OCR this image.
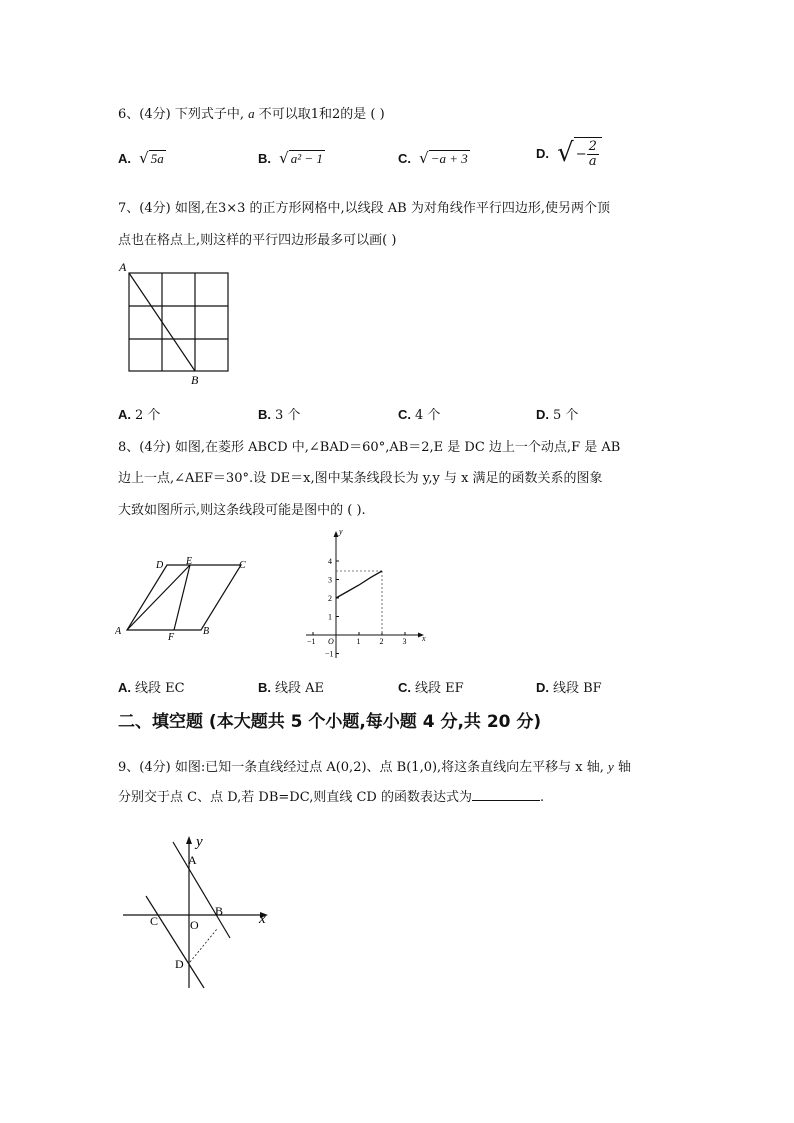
6、(4分) 下列式子中, a 不可以取1和2的是 ( )
A. √ 5a	B. √ a² − 1	C. √ −a + 3	D. √ − $\frac{2}{a}$
7、(4分) 如图,在3×3 的正方形网格中,以线段 AB 为对角线作平行四边形,使另两个顶
点也在格点上,则这样的平行四边形最多可以画( )
A
B
A. 2 个	B. 3 个	C. 4 个	D. 5 个
8、(4分) 如图,在菱形 ABCD 中,∠BAD＝60°,AB＝2,E 是 DC 边上一个动点,F 是 AB
边上一点,∠AEF＝30°.设 DE＝x,图中某条线段长为 y,y 与 x 满足的函数关系的图象
大致如图所示,则这条线段可能是图中的 ( ).
A	B
C
D E
F	x
y
O
−1	1 2 3
4
3
2
1
−1
A. 线段 EC	B. 线段 AE	C. 线段 EF	D. 线段 BF
二、填空题 (本大题共 5 个小题,每小题 4 分,共 20 分)
9、(4分) 如图:已知一条直线经过点 A(0,2)、点 B(1,0),将这条直线向左平移与 x 轴, y 轴
分别交于点 C、点 D,若 DB=DC,则直线 CD 的函数表达式为	.
y
x
A
B
C
D
O
